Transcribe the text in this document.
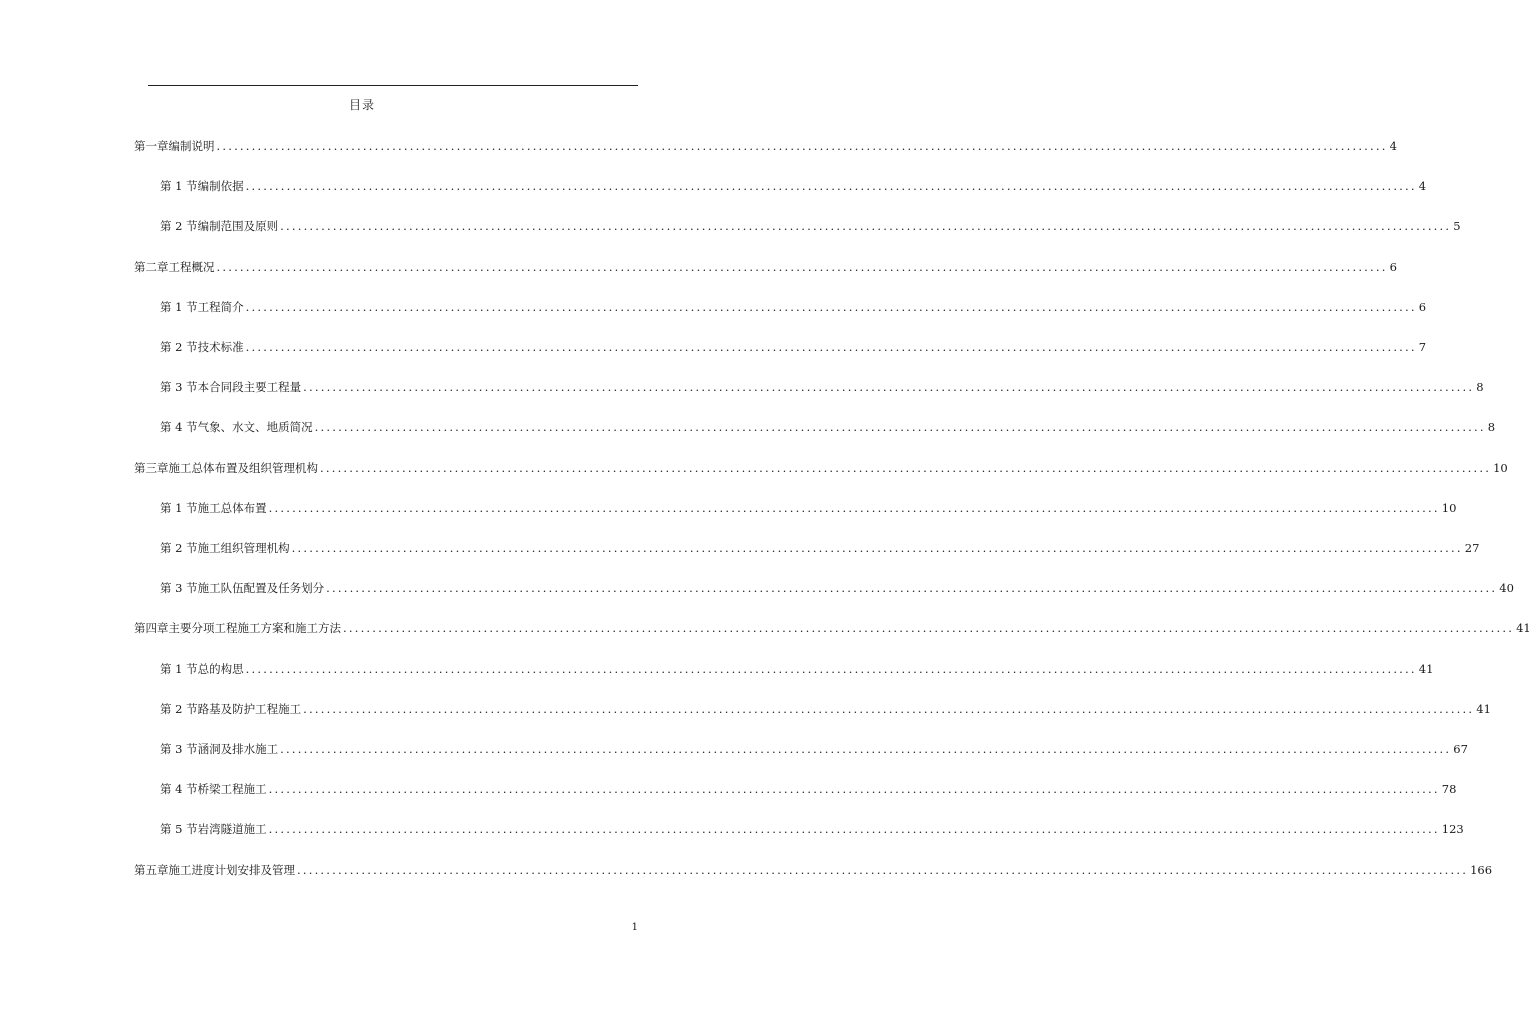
目录
第一章 编制说明 ........................................................................................................................................................................................................ 4
第 1 节 编制依据 ........................................................................................................................................................................................................ 4
第 2 节 编制范围及原则 ........................................................................................................................................................................................................ 5
第二章 工程概况 ........................................................................................................................................................................................................ 6
第 1 节 工程简介 ........................................................................................................................................................................................................ 6
第 2 节 技术标准 ........................................................................................................................................................................................................ 7
第 3 节 本合同段主要工程量 ........................................................................................................................................................................................................ 8
第 4 节 气象、水文、地质简况 ........................................................................................................................................................................................................ 8
第三章 施工总体布置及组织管理机构 ........................................................................................................................................................................................................ 10
第 1 节 施工总体布置 ........................................................................................................................................................................................................ 10
第 2 节 施工组织管理机构 ........................................................................................................................................................................................................ 27
第 3 节 施工队伍配置及任务划分 ........................................................................................................................................................................................................ 40
第四章 主要分项工程施工方案和施工方法 ........................................................................................................................................................................................................ 41
第 1 节 总的构思 ........................................................................................................................................................................................................ 41
第 2 节 路基及防护工程施工 ........................................................................................................................................................................................................ 41
第 3 节 涵洞及排水施工 ........................................................................................................................................................................................................ 67
第 4 节 桥梁工程施工 ........................................................................................................................................................................................................ 78
第 5 节 岩湾隧道施工 ........................................................................................................................................................................................................ 123
第五章 施工进度计划安排及管理 ........................................................................................................................................................................................................ 166
1
